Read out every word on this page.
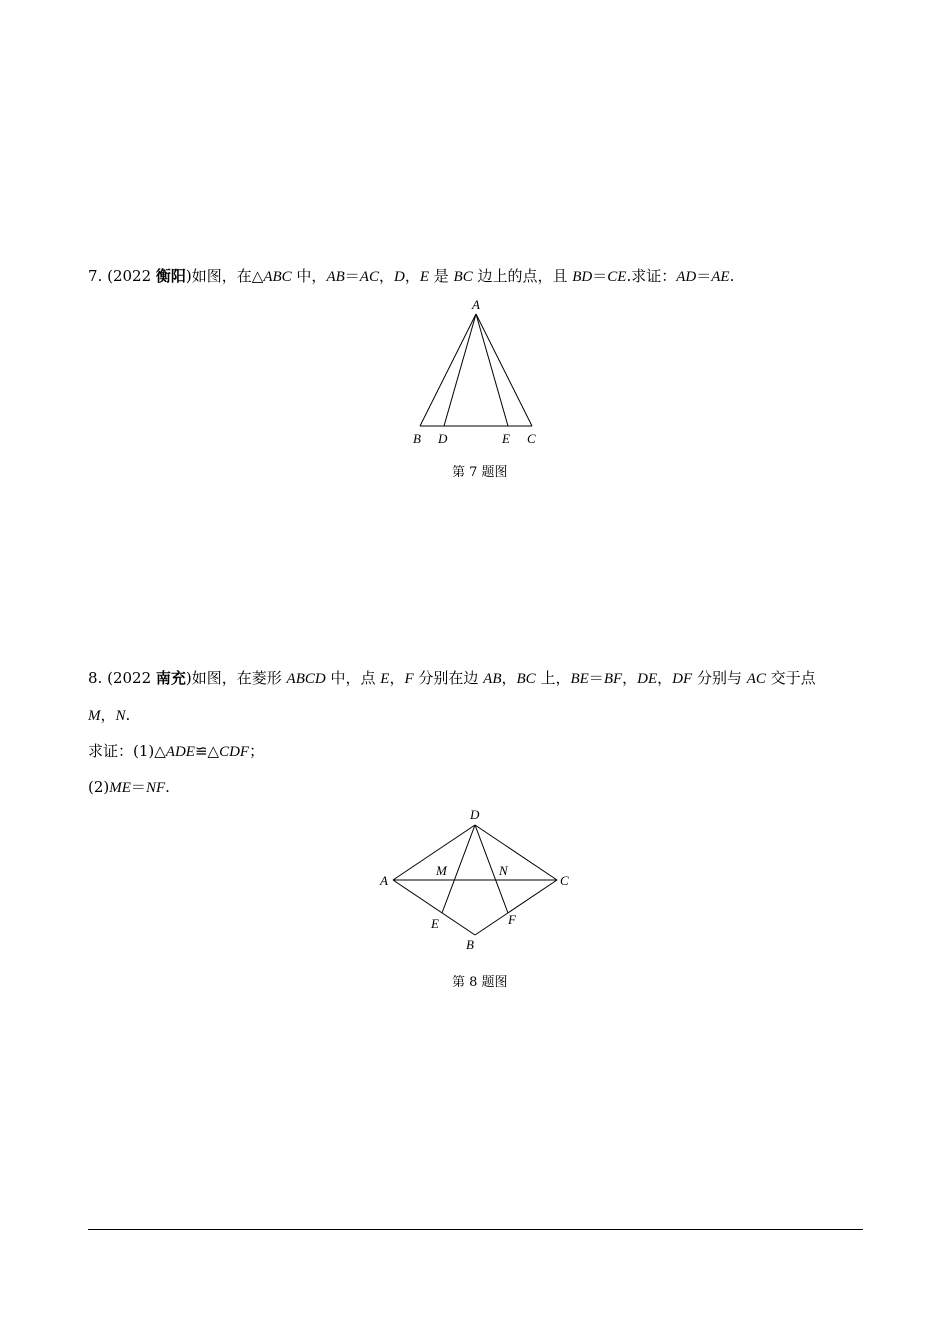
7. (2022 衡阳)如图，在△ABC 中，AB＝AC，D，E 是 BC 边上的点，且 BD＝CE.求证：AD＝AE.
A
B D	E C
第 7 题图
8. (2022 南充)如图，在菱形 ABCD 中，点 E，F 分别在边 AB，BC 上，BE＝BF，DE，DF 分别与 AC 交于点
M，N.
求证：(1)△ADE≌△CDF；
(2)ME＝NF.
D
A	C
M	N
E	F
B
第 8 题图
